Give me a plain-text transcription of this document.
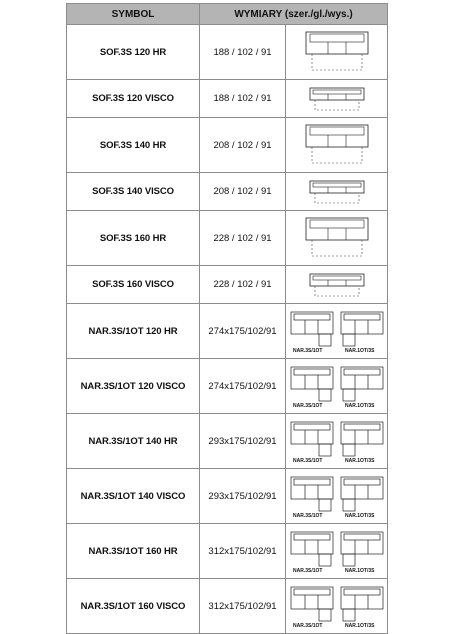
SYMBOL	WYMIARY (szer./gl./wys.)	
SOF.3S 120 HR	188 / 102 / 91	

SOF.3S 120 VISCO	188 / 102 / 91	

SOF.3S 140 HR	208 / 102 / 91	

SOF.3S 140 VISCO	208 / 102 / 91	

SOF.3S 160 HR	228 / 102 / 91	

SOF.3S 160 VISCO	228 / 102 / 91	

NAR.3S/1OT 120 HR	274x175/102/91	NAR.3S/1OT NAR.1OT/3S

NAR.3S/1OT 120 VISCO	274x175/102/91	NAR.3S/1OT NAR.1OT/3S

NAR.3S/1OT 140 HR	293x175/102/91	NAR.3S/1OT NAR.1OT/3S

NAR.3S/1OT 140 VISCO	293x175/102/91	NAR.3S/1OT NAR.1OT/3S

NAR.3S/1OT 160 HR	312x175/102/91	NAR.3S/1OT NAR.1OT/3S

NAR.3S/1OT 160 VISCO	312x175/102/91	NAR.3S/1OT NAR.1OT/3S
